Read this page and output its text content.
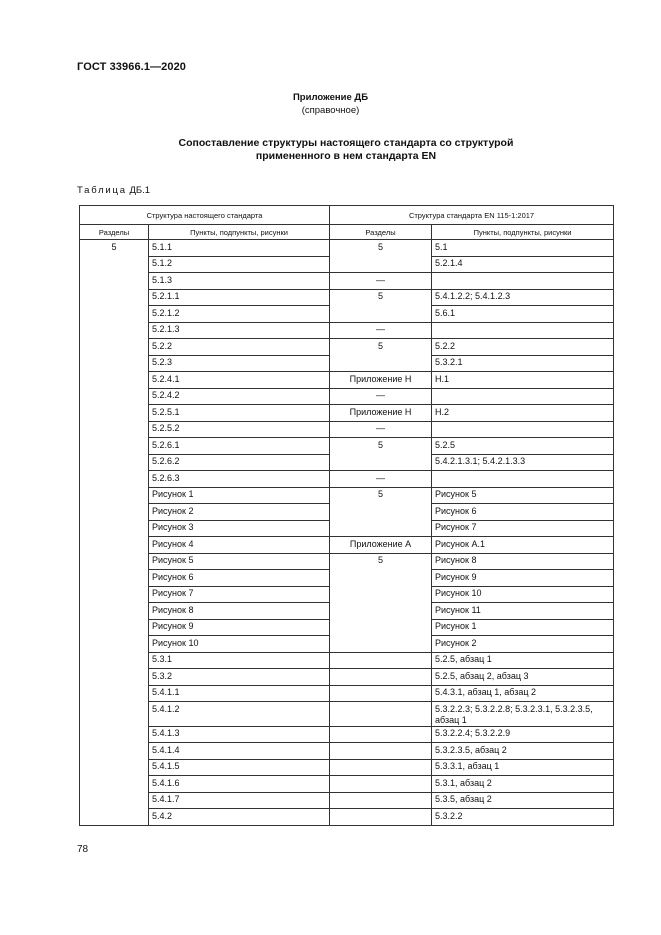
ГОСТ 33966.1—2020
Приложение ДБ
(справочное)
Сопоставление структуры настоящего стандарта со структурой
примененного в нем стандарта EN
Таблица ДБ.1
Структура настоящего стандарта		Структура стандарта EN 115-1:2017	
Разделы	Пункты, подпункты, рисунки	Разделы	Пункты, подпункты, рисунки
5	5.1.1	5	5.1
	5.1.2		5.2.1.4
	5.1.3	—	
	5.2.1.1	5	5.4.1.2.2; 5.4.1.2.3
	5.2.1.2		5.6.1
	5.2.1.3	—	
	5.2.2	5	5.2.2
	5.2.3		5.3.2.1
	5.2.4.1	Приложение Н	Н.1
	5.2.4.2	—	
	5.2.5.1	Приложение Н	Н.2
	5.2.5.2	—	
	5.2.6.1	5	5.2.5
	5.2.6.2		5.4.2.1.3.1; 5.4.2.1.3.3
	5.2.6.3	—	
	Рисунок 1	5	Рисунок 5
	Рисунок 2		Рисунок 6
	Рисунок 3		Рисунок 7
	Рисунок 4	Приложение А	Рисунок А.1
	Рисунок 5	5	Рисунок 8
	Рисунок 6		Рисунок 9
	Рисунок 7		Рисунок 10
	Рисунок 8		Рисунок 11
	Рисунок 9		Рисунок 1
	Рисунок 10		Рисунок 2
	5.3.1		5.2.5, абзац 1
	5.3.2		5.2.5, абзац 2, абзац 3
	5.4.1.1		5.4.3.1, абзац 1, абзац 2
	5.4.1.2		5.3.2.2.3; 5.3.2.2.8; 5.3.2.3.1, 5.3.2.3.5, абзац 1
	5.4.1.3		5.3.2.2.4; 5.3.2.2.9
	5.4.1.4		5.3.2.3.5, абзац 2
	5.4.1.5		5.3.3.1, абзац 1
	5.4.1.6		5.3.1, абзац 2
	5.4.1.7		5.3.5, абзац 2
	5.4.2		5.3.2.2
78
